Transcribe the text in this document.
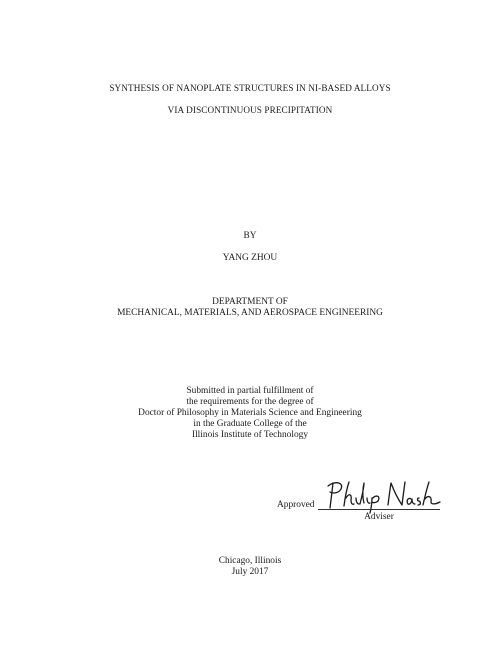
SYNTHESIS OF NANOPLATE STRUCTURES IN NI-BASED ALLOYS
VIA DISCONTINUOUS PRECIPITATION
BY
YANG ZHOU
DEPARTMENT OF
MECHANICAL, MATERIALS, AND AEROSPACE ENGINEERING
Submitted in partial fulfillment of
the requirements for the degree of
Doctor of Philosophy in Materials Science and Engineering
in the Graduate College of the
Illinois Institute of Technology
Approved
Adviser
Chicago, Illinois
July 2017
